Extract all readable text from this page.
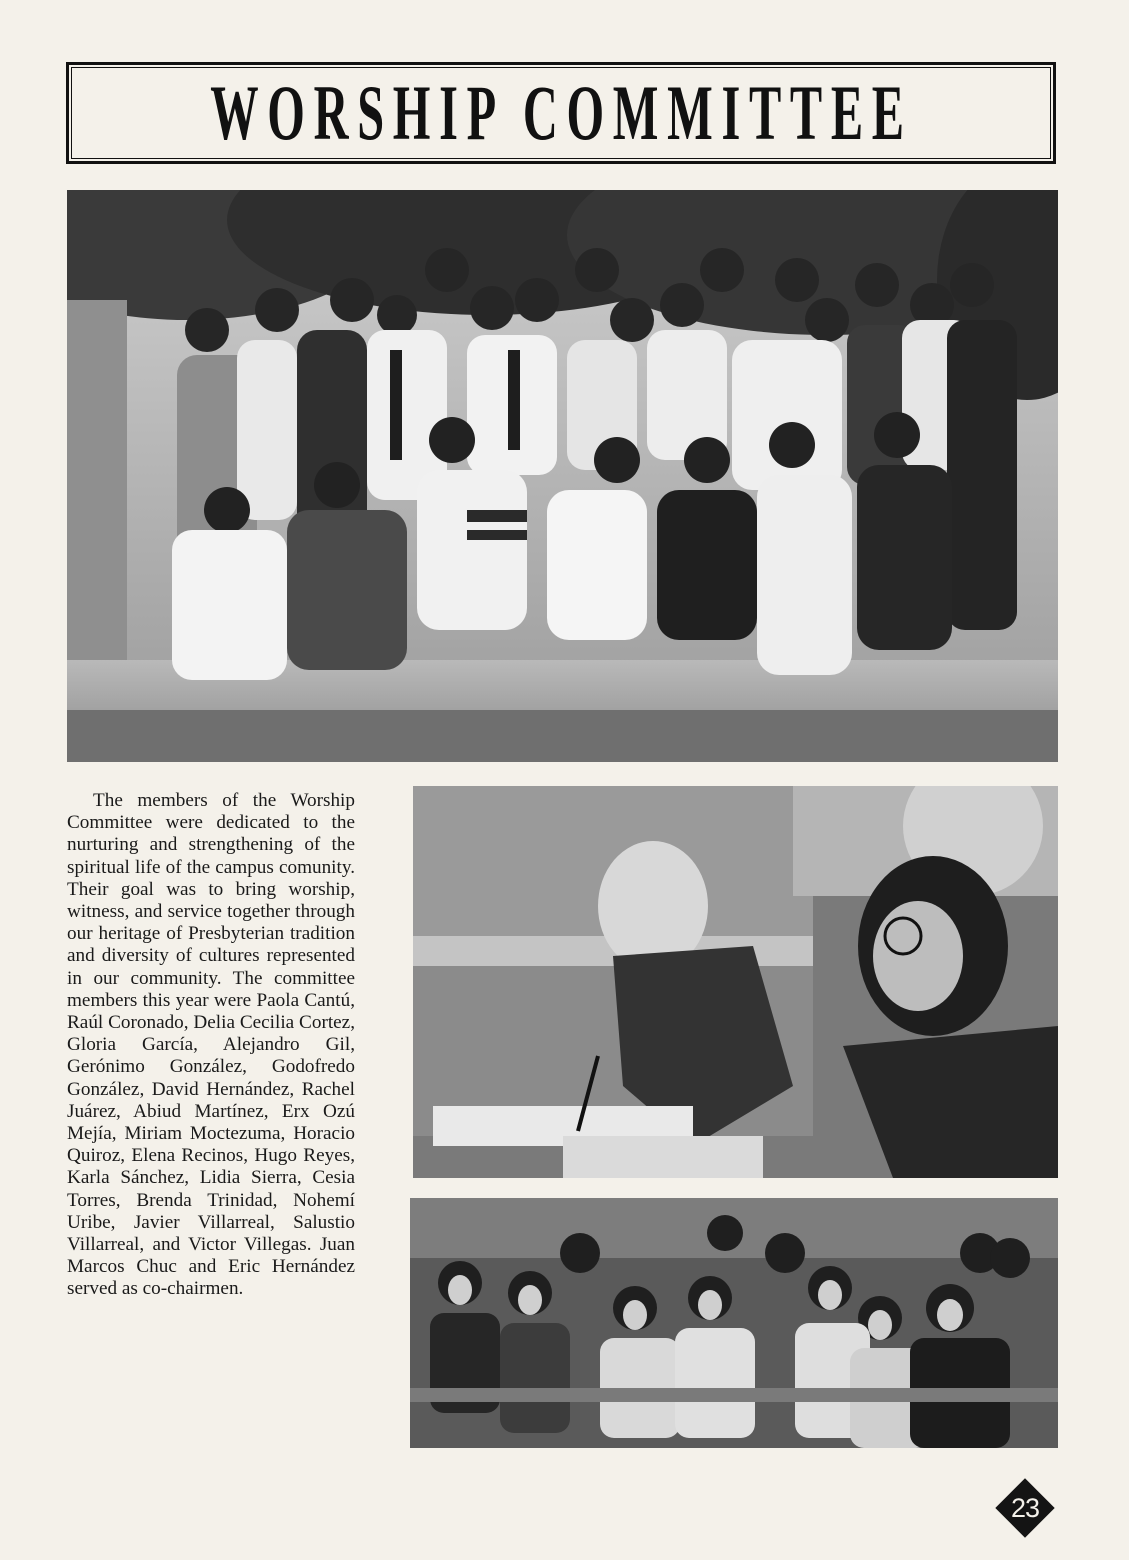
WORSHIP COMMITTEE

The members of the Worship Committee were dedicated to the nurturing and strengthening of the spiritual life of the campus comunity. Their goal was to bring worship, witness, and service together through our heritage of Presbyterian tradition and diversity of cultures represented in our community. The committee members this year were Paola Cantú, Raúl Coronado, Delia Cecilia Cortez, Gloria García, Alejandro Gil, Gerónimo González, Godofredo González, David Hernández, Rachel Juárez, Abiud Martínez, Erx Ozú Mejía, Miriam Moctezuma, Horacio Quiroz, Elena Recinos, Hugo Reyes, Karla Sánchez, Lidia Sierra, Cesia Torres, Brenda Trinidad, Nohemí Uribe, Javier Villarreal, Salustio Villarreal, and Victor Villegas. Juan Marcos Chuc and Eric Hernández served as co-chairmen.

23
